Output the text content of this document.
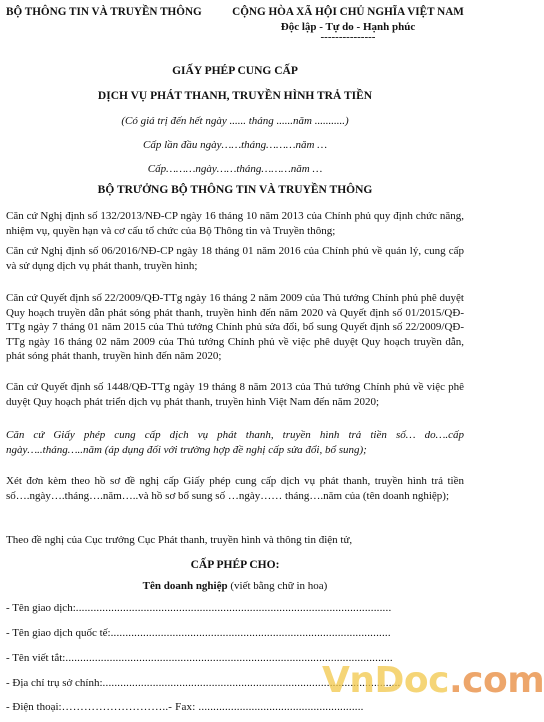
BỘ THÔNG TIN VÀ TRUYỀN THÔNG	CỘNG HÒA XÃ HỘI CHỦ NGHĨA VIỆT NAM
Độc lập - Tự do - Hạnh phúc
---------------
GIẤY PHÉP CUNG CẤP
DỊCH VỤ PHÁT THANH, TRUYỀN HÌNH TRẢ TIỀN
(Có giá trị đến hết ngày ...... tháng ......năm ...........)
Cấp lần đầu ngày……tháng………năm …
Cấp………ngày……tháng………năm …
BỘ TRƯỞNG BỘ THÔNG TIN VÀ TRUYỀN THÔNG
Căn cứ Nghị định số 132/2013/NĐ-CP ngày 16 tháng 10 năm 2013 của Chính phủ quy định chức năng, nhiệm vụ, quyền hạn và cơ cấu tổ chức của Bộ Thông tin và Truyền thông;
Căn cứ Nghị định số 06/2016/NĐ-CP ngày 18 tháng 01 năm 2016 của Chính phủ về quản lý, cung cấp và sử dụng dịch vụ phát thanh, truyền hình;
Căn cứ Quyết định số 22/2009/QĐ-TTg ngày 16 tháng 2 năm 2009 của Thủ tướng Chính phủ phê duyệt Quy hoạch truyền dẫn phát sóng phát thanh, truyền hình đến năm 2020 và Quyết định số 01/2015/QĐ-TTg ngày 7 tháng 01 năm 2015 của Thủ tướng Chính phủ sửa đổi, bổ sung Quyết định số 22/2009/QĐ-TTg ngày 16 tháng 02 năm 2009 của Thủ tướng Chính phủ về việc phê duyệt Quy hoạch truyền dẫn, phát sóng phát thanh, truyền hình đến năm 2020;
Căn cứ Quyết định số 1448/QĐ-TTg ngày 19 tháng 8 năm 2013 của Thủ tướng Chính phủ về việc phê duyệt Quy hoạch phát triển dịch vụ phát thanh, truyền hình Việt Nam đến năm 2020;
Căn cứ Giấy phép cung cấp dịch vụ phát thanh, truyền hình trả tiền số… do….cấp ngày…..tháng…..năm (áp dụng đối với trường hợp đề nghị cấp sửa đổi, bổ sung);
Xét đơn kèm theo hồ sơ đề nghị cấp Giấy phép cung cấp dịch vụ phát thanh, truyền hình trả tiền số….ngày….tháng….năm…..và hồ sơ bổ sung số …ngày…… tháng….năm của (tên doanh nghiệp);
Theo đề nghị của Cục trưởng Cục Phát thanh, truyền hình và thông tin điện tử,
CẤP PHÉP CHO:
Tên doanh nghiệp (viết bằng chữ in hoa)
- Tên giao dịch:...........................................................................................................
- Tên giao dịch quốc tế:...............................................................................................
- Tên viết tắt:...............................................................................................................
- Địa chỉ trụ sở chính:.....................................................................................................
- Điện thoại:………………………..- Fax: ........................................................
VnDoc.com
